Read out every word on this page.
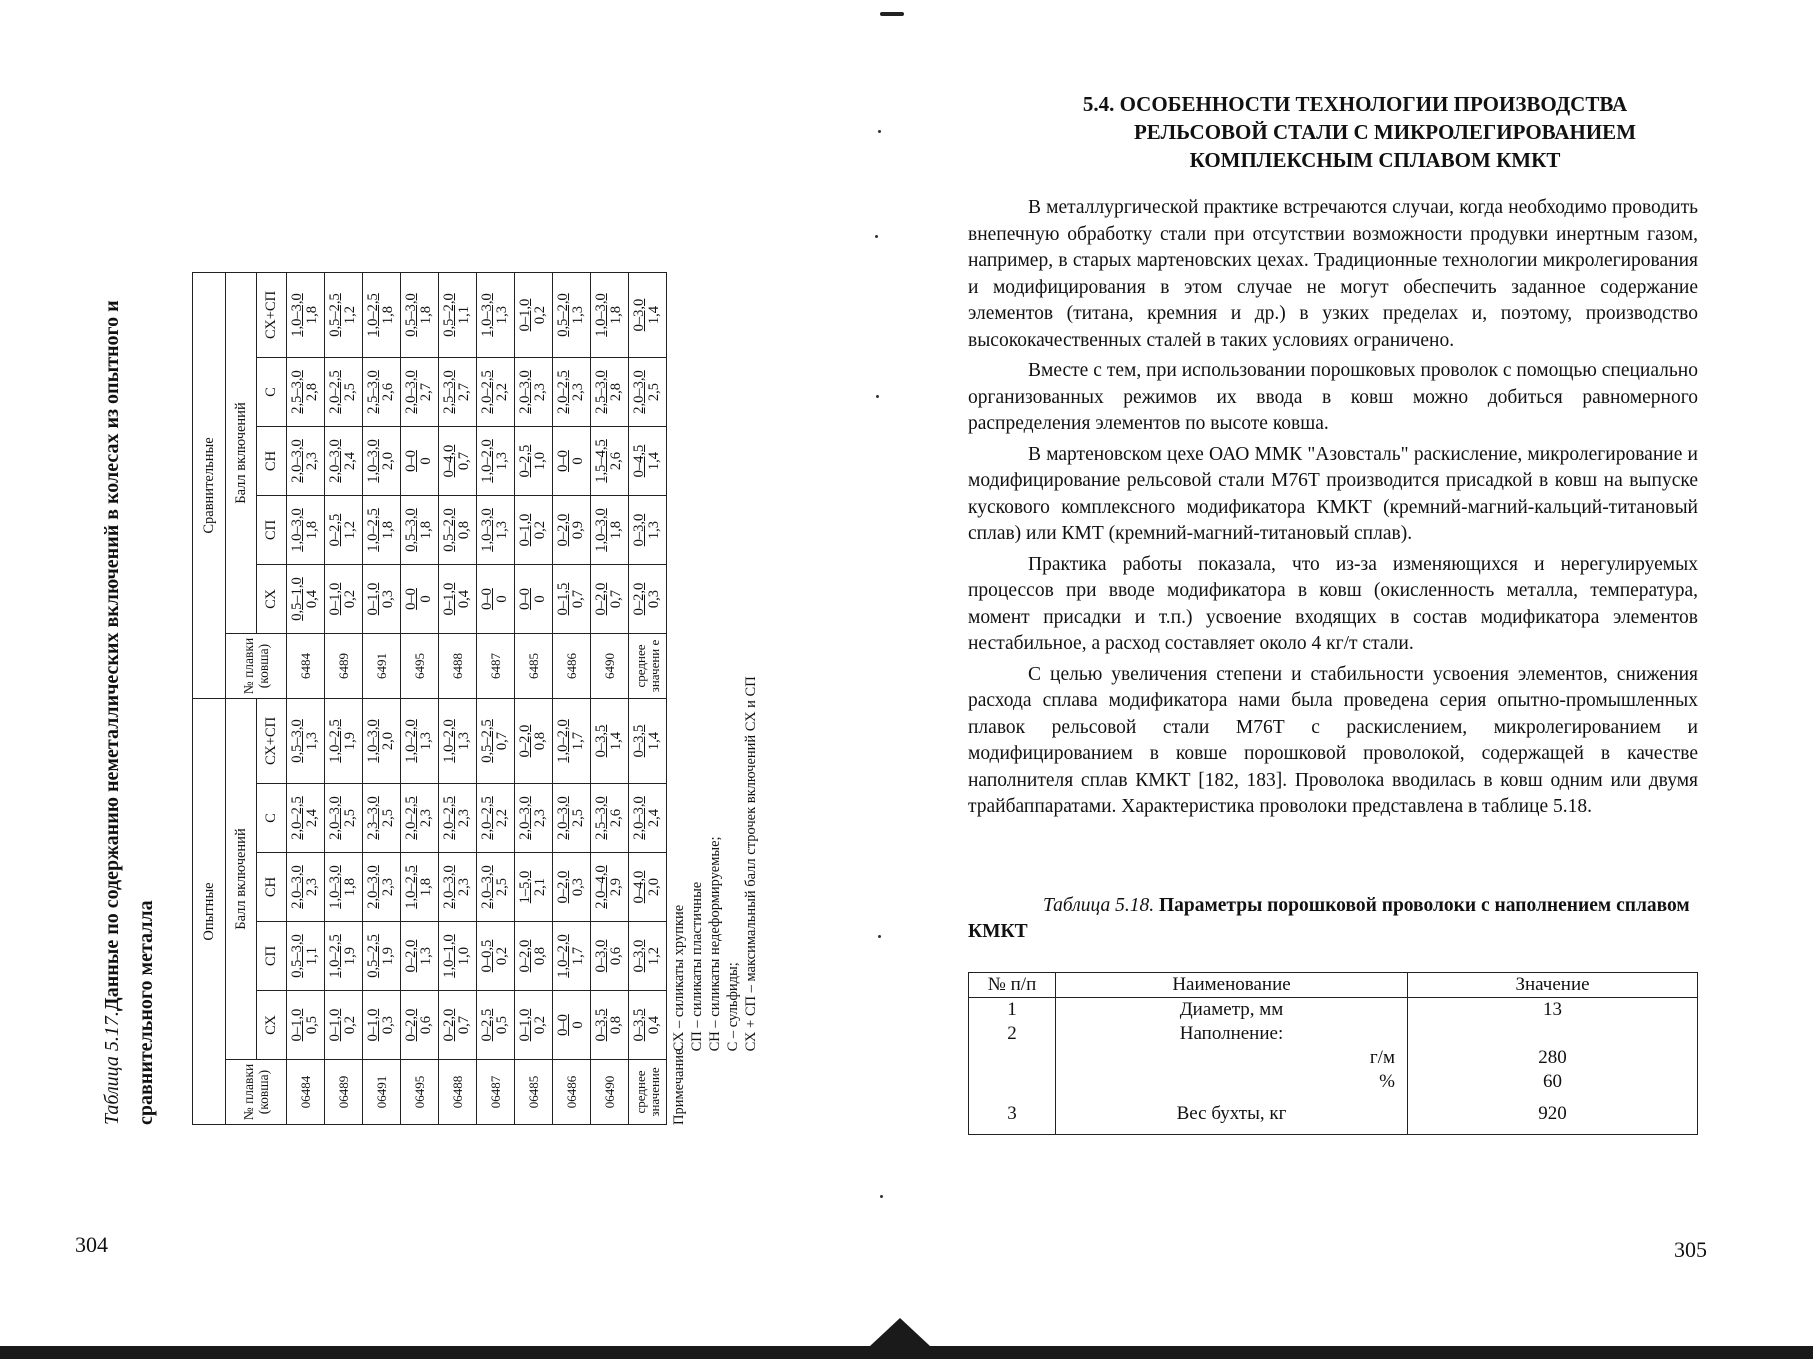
Таблица 5.17.Данные по содержанию неметаллических включений в колесах из опытного и сравнительного металла	Опытные						Сравнительные					
№ плавки (ковша)	Балл включений					№ плавки (ковша)	Балл включений				
	СХ	СП	СН	С	СХ+СП		СХ	СП	СН	С	СХ+СП
06484	0–1,0 0,5	0,5–3,0 1,1	2,0–3,0 2,3	2,0–2,5 2,4	0,5–3,0 1,3	6484	0,5–1,0 0,4	1,0–3,0 1,8	2,0–3,0 2,3	2,5–3,0 2,8	1,0–3,0 1,8

06489	0–1,0 0,2	1,0–2,5 1,9	1,0–3,0 1,8	2,0–3,0 2,5	1,0–2,5 1,9	6489	0–1,0 0,2	0–2,5 1,2	2,0–3,0 2,4	2,0–2,5 2,5	0,5–2,5 1,2

06491	0–1,0 0,3	0,5–2,5 1,9	2,0–3,0 2,3	2,3–3,0 2,5	1,0–3,0 2,0	6491	0–1,0 0,3	1,0–2,5 1,8	1,0–3,0 2,0	2,5–3,0 2,6	1,0–2,5 1,8

06495	0–2,0 0,6	0–2,0 1,3	1,0–2,5 1,8	2,0–2,5 2,3	1,0–2,0 1,3	6495	0–0 0	0,5–3,0 1,8	0–0 0	2,0–3,0 2,7	0,5–3,0 1,8

06488	0–2,0 0,7	1,0–1,0 1,0	2,0–3,0 2,3	2,0–2,5 2,3	1,0–2,0 1,3	6488	0–1,0 0,4	0,5–2,0 0,8	0–4,0 0,7	2,5–3,0 2,7	0,5–2,0 1,1

06487	0–2,5 0,5	0–0,5 0,2	2,0–3,0 2,5	2,0–2,5 2,2	0,5–2,5 0,7	6487	0–0 0	1,0–3,0 1,3	1,0–2,0 1,3	2,0–2,5 2,2	1,0–3,0 1,3

06485	0–1,0 0,2	0–2,0 0,8	1–5,0 2,1	2,0–3,0 2,3	0–2,0 0,8	6485	0–0 0	0–1,0 0,2	0–2,5 1,0	2,0–3,0 2,3	0–1,0 0,2

06486	0–0 0	1,0–2,0 1,7	0–2,0 0,3	2,0–3,0 2,5	1,0–2,0 1,7	6486	0–1,5 0,7	0–2,0 0,9	0–0 0	2,0–2,5 2,3	0,5–2,0 1,3

06490	0–3,5 0,8	0–3,0 0,6	2,0–4,0 2,9	2,5–3,0 2,6	0–3,5 1,4	6490	0–2,0 0,7	1,0–3,0 1,8	1,5–4,5 2,6	2,5–3,0 2,8	1,0–3,0 1,8

среднее значение	0–3,5 0,4	0–3,0 1,2	0–4,0 2,0	2,0–3,0 2,4	0–3,5 1,4	среднее значени е	0–2,0 0,3	0–3,0 1,3	0–4,5 1,4	2,0–3,0 2,5	0–3,0 1,4
Примечание.
СХ – силикаты хрупкие СП – силикаты пластичные СН – силикаты недеформируемые; С – сульфиды; СХ + СП – максимальный балл строчек включений СХ и СП
304
5.4. ОСОБЕННОСТИ ТЕХНОЛОГИИ ПРОИЗВОДСТВА
РЕЛЬСОВОЙ СТАЛИ С МИКРОЛЕГИРОВАНИЕМ
КОМПЛЕКСНЫМ СПЛАВОМ КМКТ

В металлургической практике встречаются случаи, когда необходимо проводить внепечную обработку стали при отсутствии возможности продувки инертным газом, например, в старых мартеновских цехах. Традиционные технологии микролегирования и модифицирования в этом случае не могут обеспечить заданное содержание элементов (титана, кремния и др.) в узких пределах и, поэтому, производство высококачественных сталей в таких условиях ограничено.

Вместе с тем, при использовании порошковых проволок с помощью специально организованных режимов их ввода в ковш можно добиться равномерного распределения элементов по высоте ковша.

В мартеновском цехе ОАО ММК "Азовсталь" раскисление, микролегирование и модифицирование рельсовой стали М76Т производится присадкой в ковш на выпуске кускового комплексного модификатора КМКТ (кремний-магний-кальций-титановый сплав) или КМТ (кремний-магний-титановый сплав).

Практика работы показала, что из-за изменяющихся и нерегулируемых процессов при вводе модификатора в ковш (окисленность металла, температура, момент присадки и т.п.) усвоение входящих в состав модификатора элементов нестабильное, а расход составляет около 4 кг/т стали.

С целью увеличения степени и стабильности усвоения элементов, снижения расхода сплава модификатора нами была проведена серия опытно-промышленных плавок рельсовой стали М76Т с раскислением, микролегированием и модифицированием в ковше порошковой проволокой, содержащей в качестве наполнителя сплав КМКТ [182, 183]. Проволока вводилась в ковш одним или двумя трайбаппаратами. Характеристика проволоки представлена в таблице 5.18.

Таблица 5.18. Параметры порошковой проволоки с наполнением сплавом КМКТ
№ п/п	Наименование	Значение
1	Диаметр, мм	13
2	Наполнение:	
	г/м	280
	%	60
3	Вес бухты, кг	920
305
